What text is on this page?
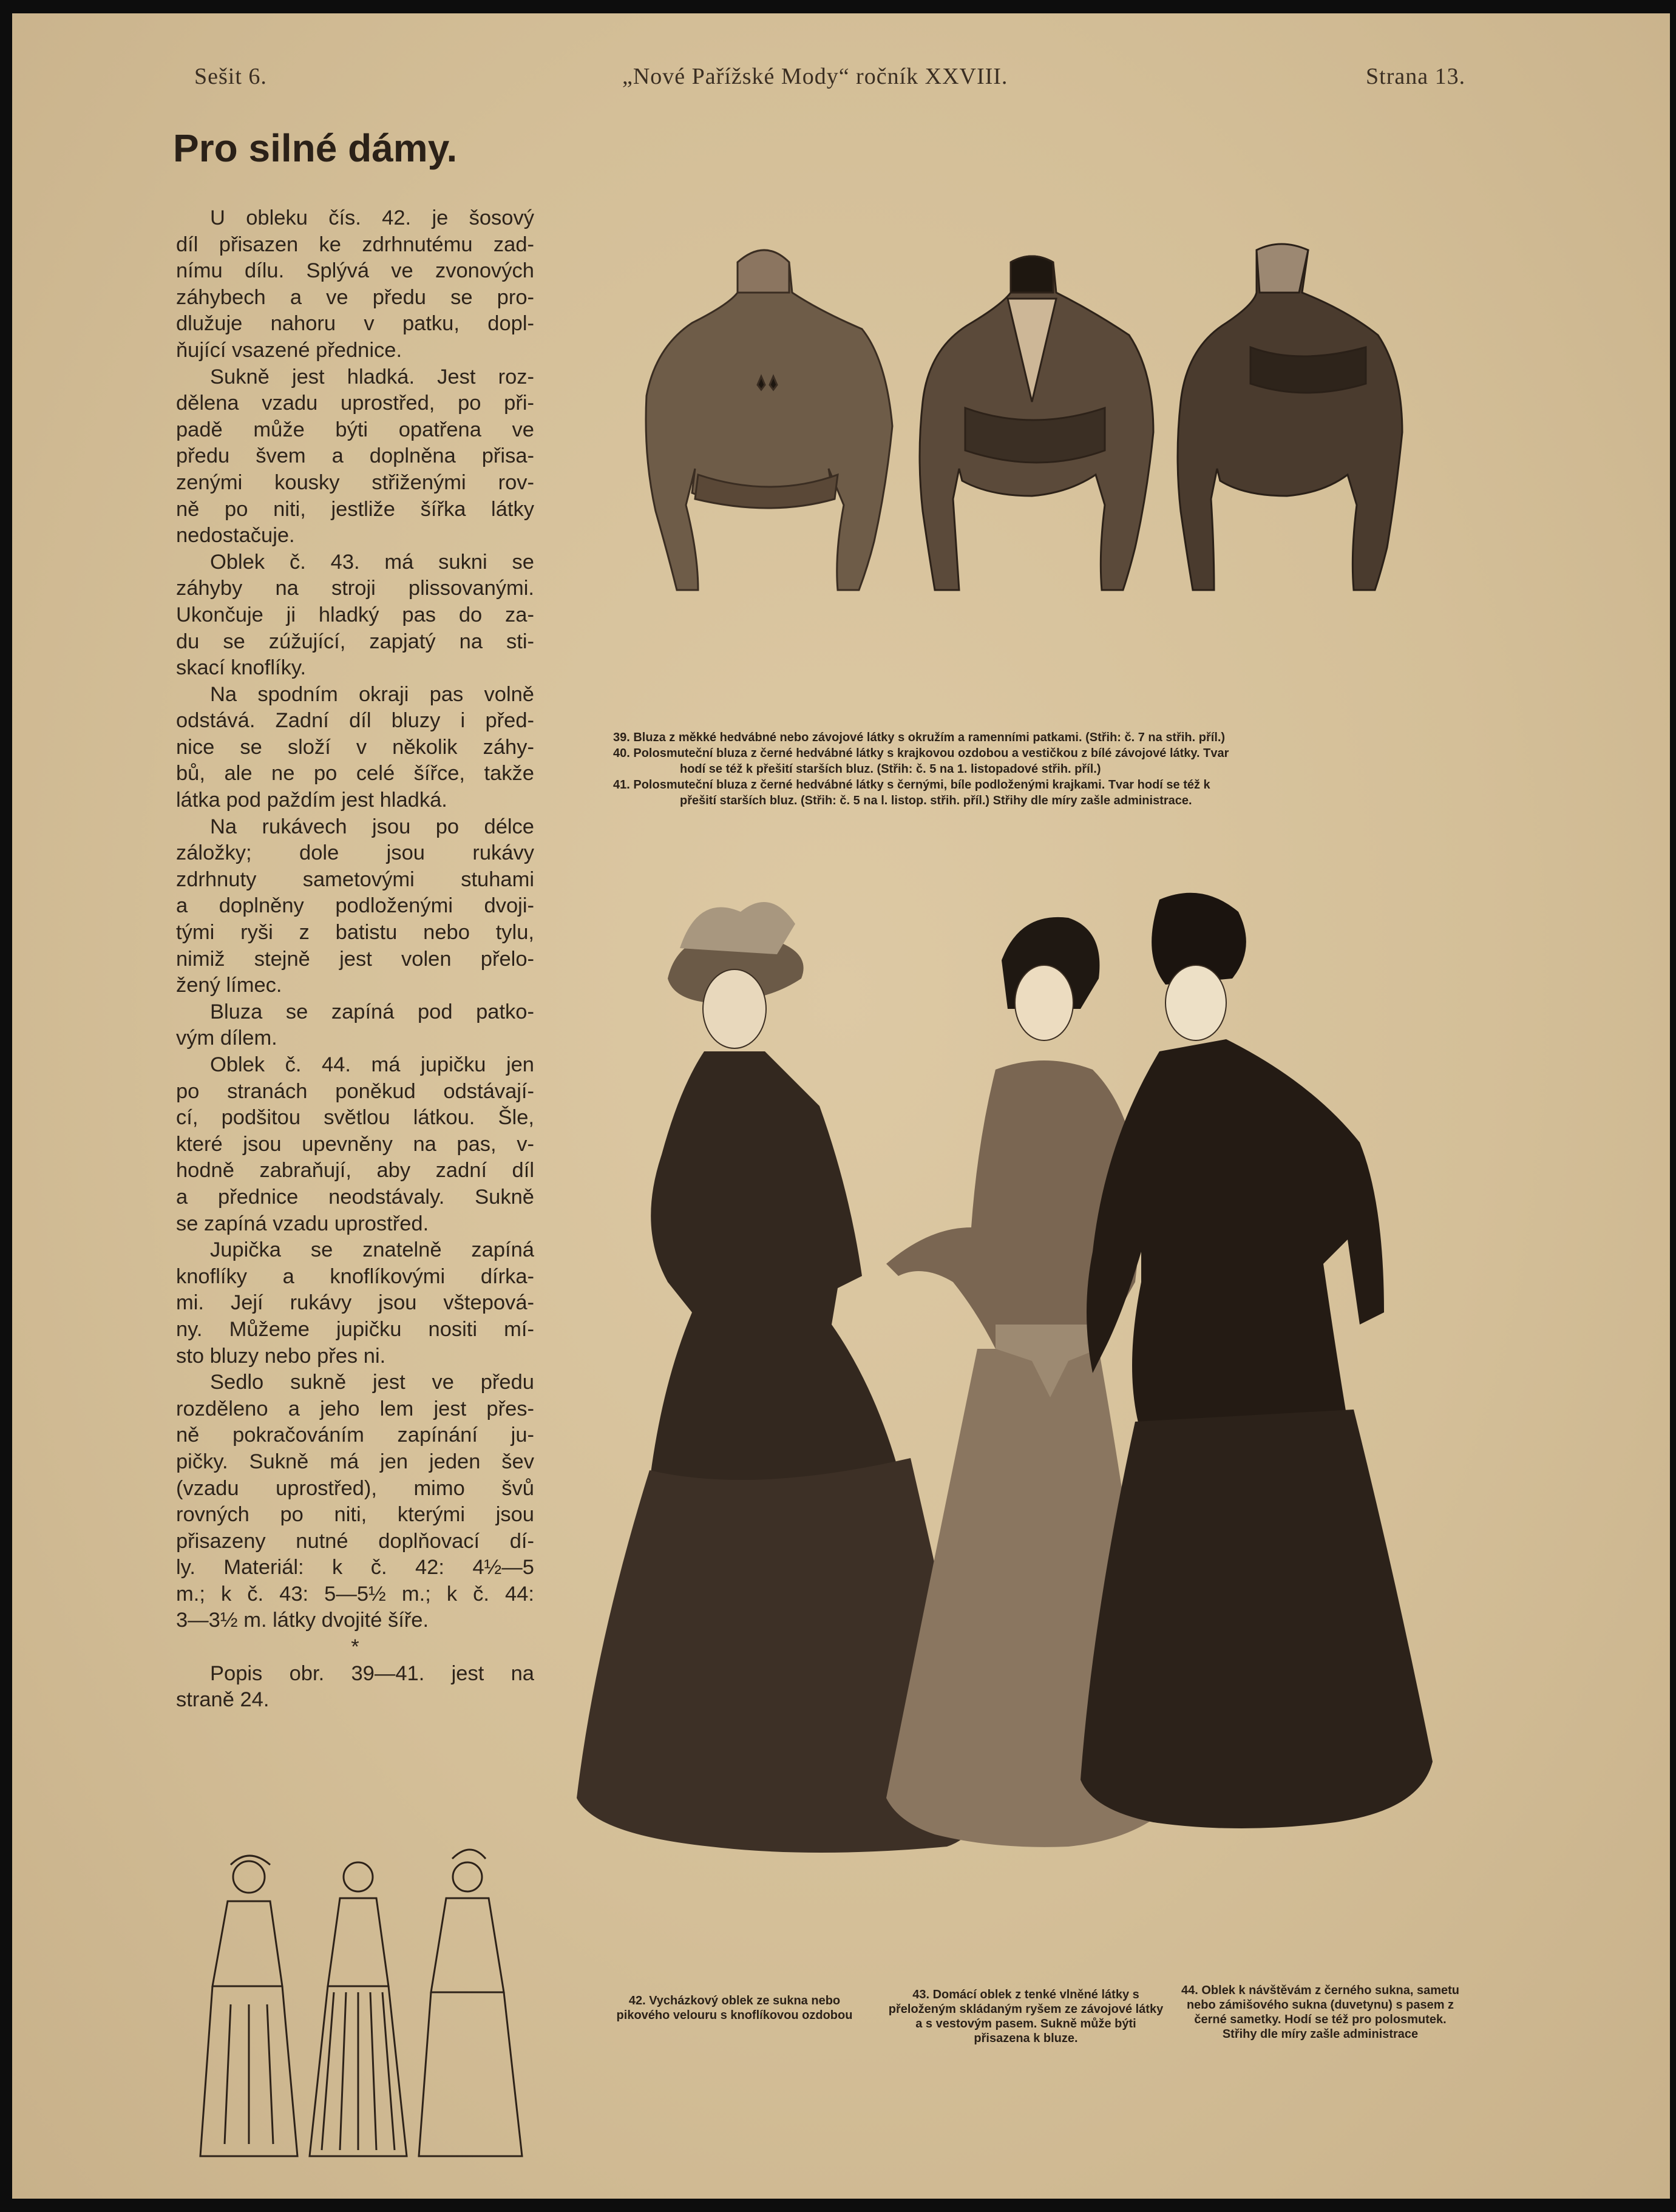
Sešit 6.	„Nové Pařížské Mody“ ročník XXVIII.	Strana 13.
Pro silné dámy.
U obleku čís. 42. je šosový
díl přisazen ke zdrhnutému zad-
nímu dílu. Splývá ve zvonových
záhybech a ve předu se pro-
dlužuje nahoru v patku, dopl-
ňující vsazené přednice.
Sukně jest hladká. Jest roz-
dělena vzadu uprostřed, po při-
padě může býti opatřena ve
předu švem a doplněna přisa-
zenými kousky střiženými rov-
ně po niti, jestliže šířka látky
nedostačuje.
Oblek č. 43. má sukni se
záhyby na stroji plissovanými.
Ukončuje ji hladký pas do za-
du se zúžující, zapjatý na sti-
skací knoflíky.
Na spodním okraji pas volně
odstává. Zadní díl bluzy i před-
nice se složí v několik záhy-
bů, ale ne po celé šířce, takže
látka pod paždím jest hladká.
Na rukávech jsou po délce
záložky; dole jsou rukávy
zdrhnuty sametovými stuhami
a doplněny podloženými dvoji-
tými ryši z batistu nebo tylu,
nimiž stejně jest volen přelo-
žený límec.
Bluza se zapíná pod patko-
vým dílem.
Oblek č. 44. má jupičku jen
po stranách poněkud odstávají-
cí, podšitou světlou látkou. Šle,
které jsou upevněny na pas, v-
hodně zabraňují, aby zadní díl
a přednice neodstávaly. Sukně
se zapíná vzadu uprostřed.
Jupička se znatelně zapíná
knoflíky a knoflíkovými dírka-
mi. Její rukávy jsou vštepová-
ny. Můžeme jupičku nositi mí-
sto bluzy nebo přes ni.
Sedlo sukně jest ve předu
rozděleno a jeho lem jest přes-
ně pokračováním zapínání ju-
pičky. Sukně má jen jeden šev
(vzadu uprostřed), mimo švů
rovných po niti, kterými jsou
přisazeny nutné doplňovací dí-
ly. Materiál: k č. 42: 4½—5
m.; k č. 43: 5—5½ m.; k č. 44:
3—3½ m. látky dvojité šíře.
*
Popis obr. 39—41. jest na
straně 24.
39. Bluza z měkké hedvábné nebo závojové látky s okružím a ramenními patkami. (Střih: č. 7 na střih. příl.)
40. Polosmuteční bluza z černé hedvábné látky s krajkovou ozdobou a vestičkou z bílé závojové látky. Tvar
hodí se též k přešití starších bluz. (Střih: č. 5 na 1. listopadové střih. příl.)
41. Polosmuteční bluza z černé hedvábné látky s černými, bíle podloženými krajkami. Tvar hodí se též k
přešití starších bluz. (Střih: č. 5 na l. listop. střih. příl.) Střihy dle míry zašle administrace.
42. Vycházkový oblek ze sukna nebo pikového velouru s knoflíkovou ozdobou
43. Domácí oblek z tenké vlněné látky s přeloženým skládaným ryšem ze závojové látky a s vestovým pasem. Sukně může býti přisazena k bluze.
44. Oblek k návštěvám z černého sukna, sametu nebo zámišového sukna (duvetynu) s pasem z černé sametky. Hodí se též pro polosmutek. Střihy dle míry zašle administrace
